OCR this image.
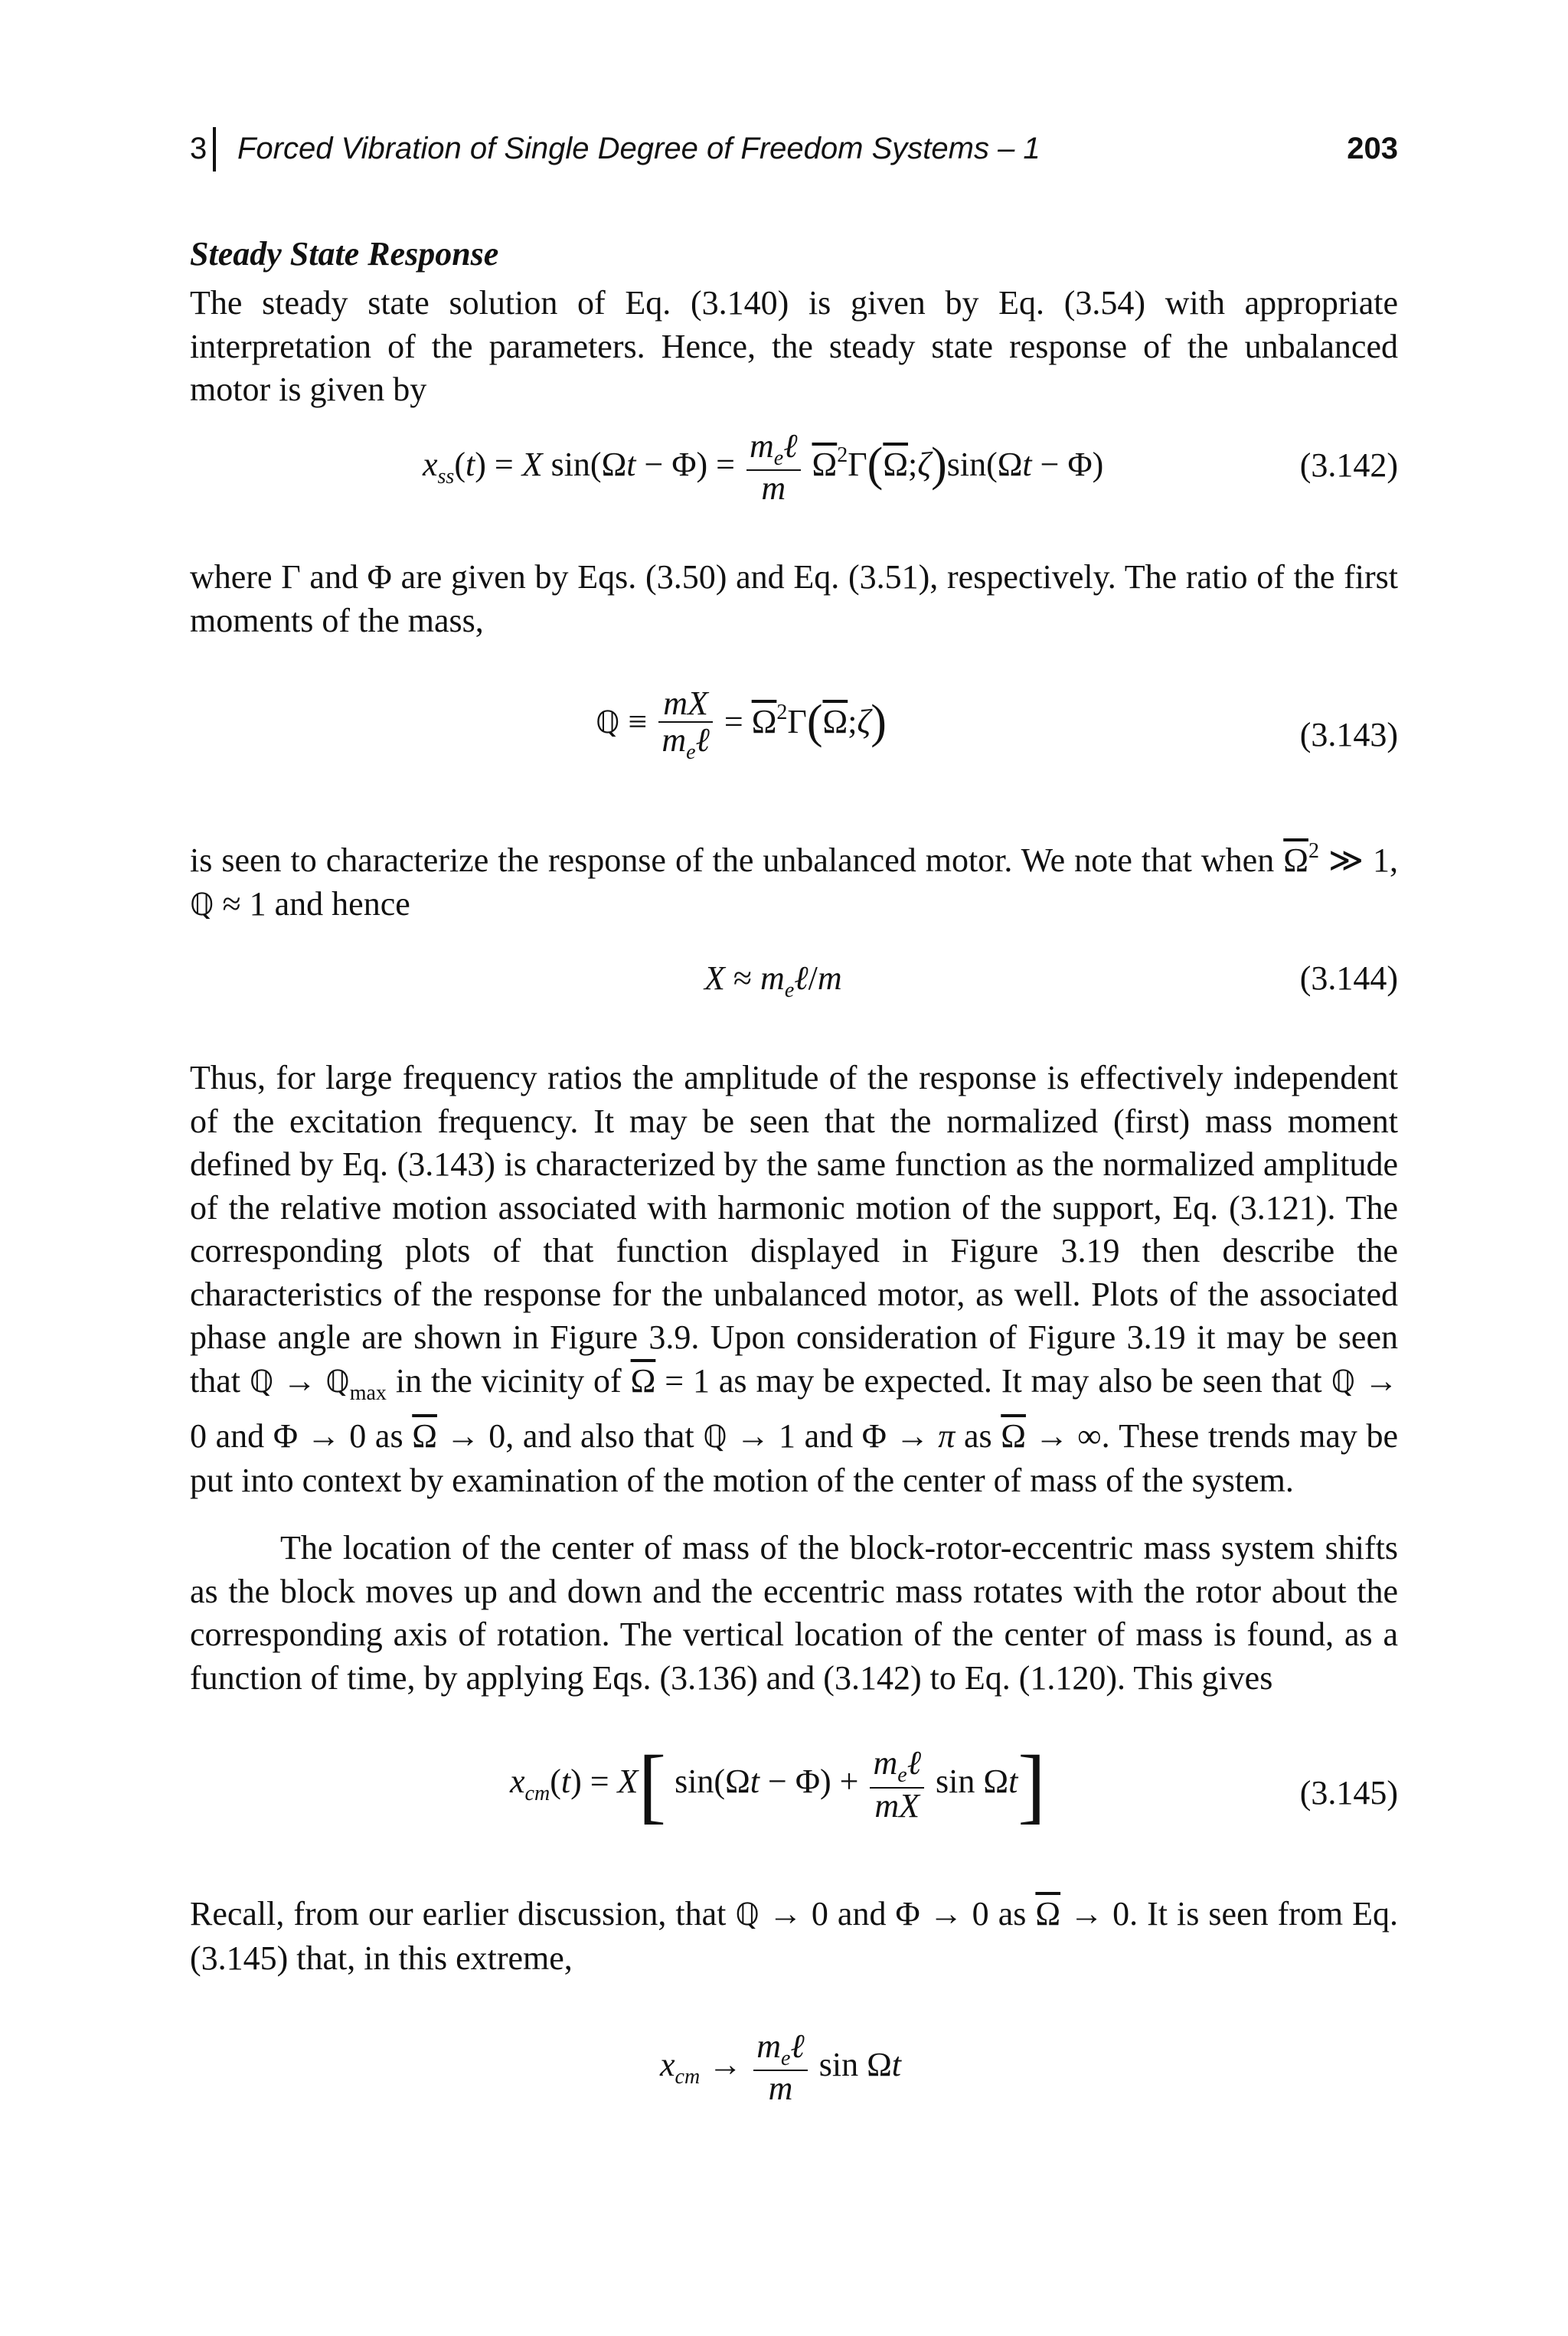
3 Forced Vibration of Single Degree of Freedom Systems – 1	203
Steady State Response
The steady state solution of Eq. (3.140) is given by Eq. (3.54) with appropriate interpretation of the parameters. Hence, the steady state response of the unbalanced motor is given by
$x_{ss}(t) = X$ $\sin(\Omega t - \Phi) = \frac{m_e\ell}{m}$ $\overline{\Omega}^2\Gamma(\overline{\Omega};\zeta)\sin(\Omega t - \Phi)$	(3.142)
where Γ and Φ are given by Eqs. (3.50) and Eq. (3.51), respectively. The ratio of the first moments of the mass,
ℚ ≡ $\frac{mX}{m_e\ell}$ = $\overline{\Omega}^2\Gamma(\overline{\Omega};\zeta)$	(3.143)
is seen to characterize the response of the unbalanced motor. We note that when $\overline{\Omega}^2$ ≫ 1, ℚ ≈ 1 and hence
$X \approx m_e\ell/m$	(3.144)
Thus, for large frequency ratios the amplitude of the response is effectively independent of the excitation frequency. It may be seen that the normalized (first) mass moment defined by Eq. (3.143) is characterized by the same function as the normalized amplitude of the relative motion associated with harmonic motion of the support, Eq. (3.121). The corresponding plots of that function displayed in Figure 3.19 then describe the characteristics of the response for the unbalanced motor, as well. Plots of the associated phase angle are shown in Figure 3.9. Upon consideration of Figure 3.19 it may be seen that ℚ → ℚ$_{max}$ in the vicinity of $\overline{\Omega} = 1$ as may be expected. It may also be seen that ℚ → 0 and Φ → 0 as $\overline{\Omega} \to 0$, and also that ℚ → 1 and Φ → π as $\overline{\Omega}$ → ∞. These trends may be put into context by examination of the motion of the center of mass of the system.
The location of the center of mass of the block-rotor-eccentric mass system shifts as the block moves up and down and the eccentric mass rotates with the rotor about the corresponding axis of rotation. The vertical location of the center of mass is found, as a function of time, by applying Eqs. (3.136) and (3.142) to Eq. (1.120). This gives
$x_{cm}(t) = X$[ $\sin(\Omega t - \Phi) + \frac{m_e\ell}{mX}$ sin Ωt]	(3.145)
Recall, from our earlier discussion, that ℚ → 0 and Φ → 0 as $\overline{\Omega} \to 0$. It is seen from Eq. (3.145) that, in this extreme,
$x_{cm} \to \frac{m_e\ell}{m}$ sin Ωt
